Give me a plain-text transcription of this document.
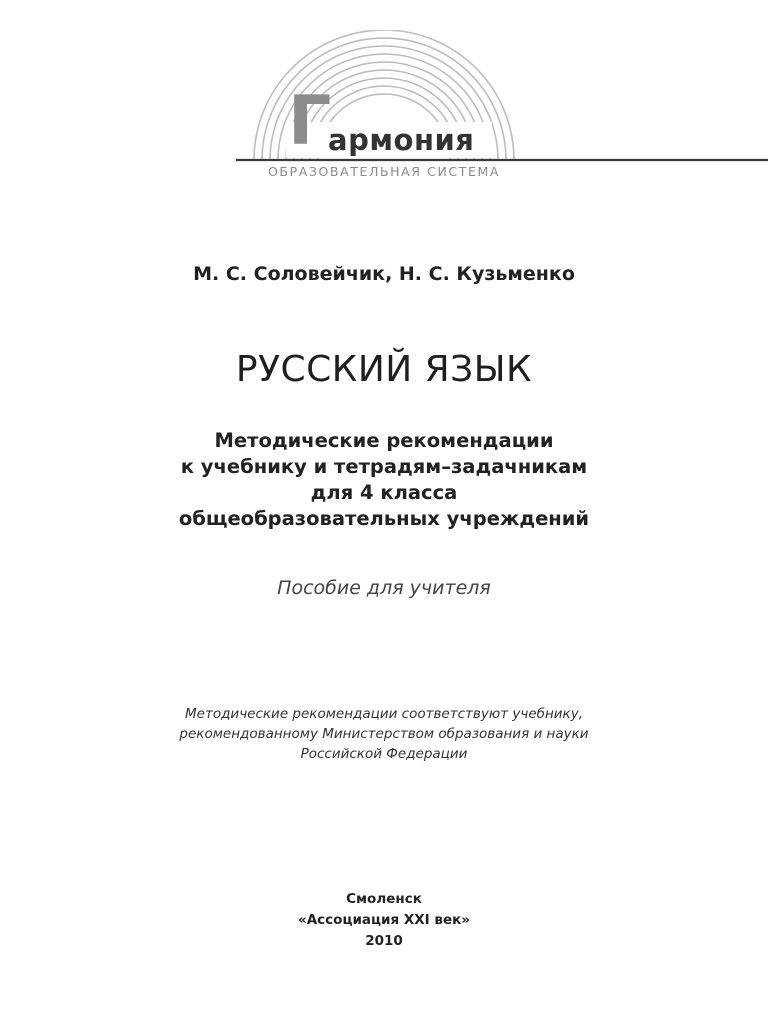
Г
армония
ОБРАЗОВАТЕЛЬНАЯ СИСТЕМА
М. С. Соловейчик, Н. С. Кузьменко
РУССКИЙ ЯЗЫК
Методические рекомендации
к учебнику и тетрадям–задачникам
для 4 класса
общеобразовательных учреждений
Пособие для учителя
Методические рекомендации соответствуют учебнику,
рекомендованному Министерством образования и науки
Российской Федерации
Смоленск
«Ассоциация XXI век»
2010
